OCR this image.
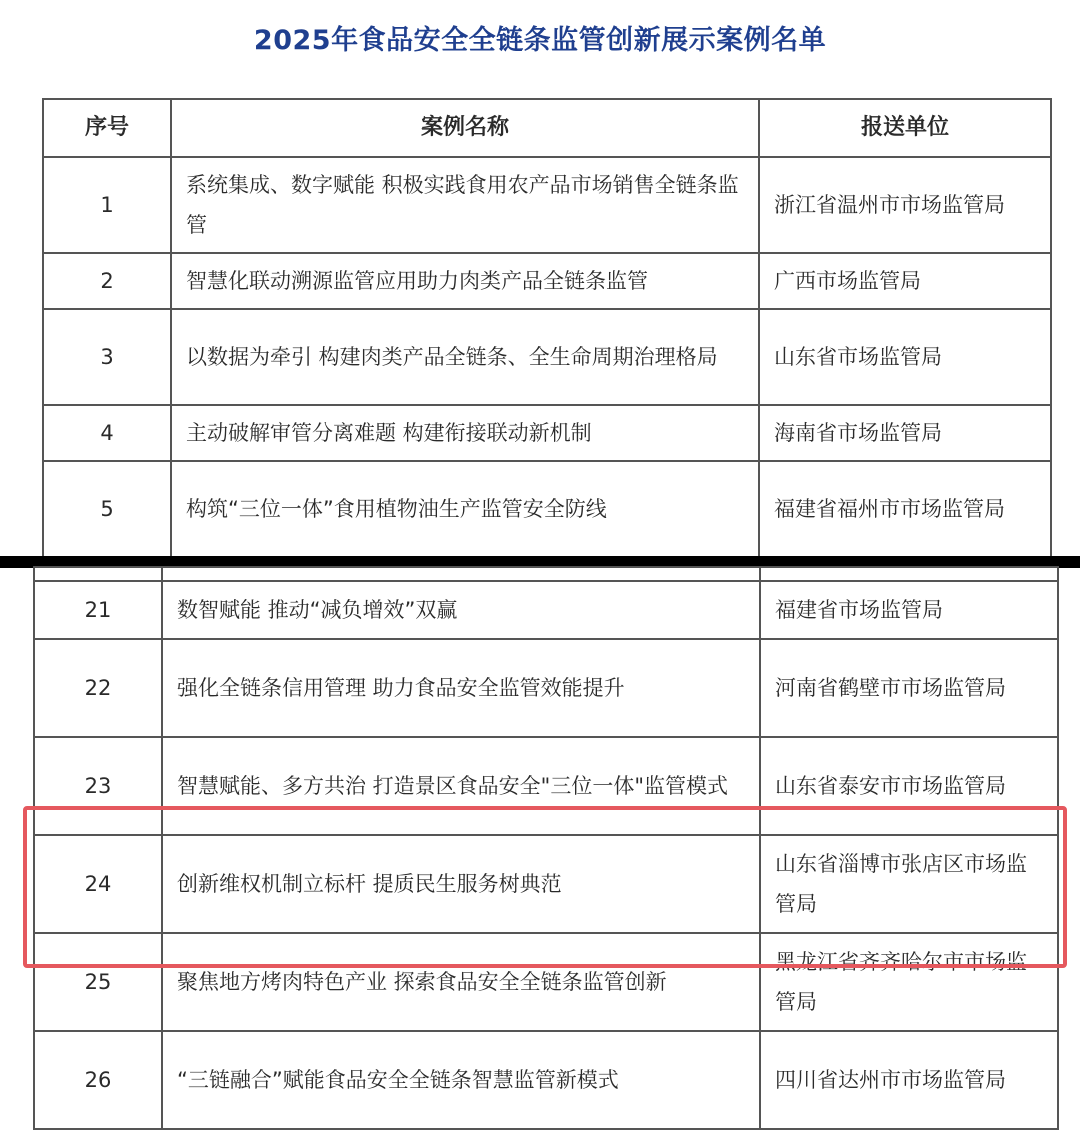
2025年食品安全全链条监管创新展示案例名单
序号	案例名称	报送单位
1	系统集成、数字赋能 积极实践食用农产品市场销售全链条监管	浙江省温州市市场监管局
2	智慧化联动溯源监管应用助力肉类产品全链条监管	广西市场监管局
3	以数据为牵引 构建肉类产品全链条、全生命周期治理格局	山东省市场监管局
4	主动破解审管分离难题 构建衔接联动新机制	海南省市场监管局
5	构筑“三位一体”食用植物油生产监管安全防线	福建省福州市市场监管局

21	数智赋能 推动“减负增效”双赢	福建省市场监管局
22	强化全链条信用管理 助力食品安全监管效能提升	河南省鹤壁市市场监管局
23	智慧赋能、多方共治 打造景区食品安全"三位一体"监管模式	山东省泰安市市场监管局
24	创新维权机制立标杆 提质民生服务树典范	山东省淄博市张店区市场监管局
25	聚焦地方烤肉特色产业 探索食品安全全链条监管创新	黑龙江省齐齐哈尔市市场监管局
26	“三链融合”赋能食品安全全链条智慧监管新模式	四川省达州市市场监管局
